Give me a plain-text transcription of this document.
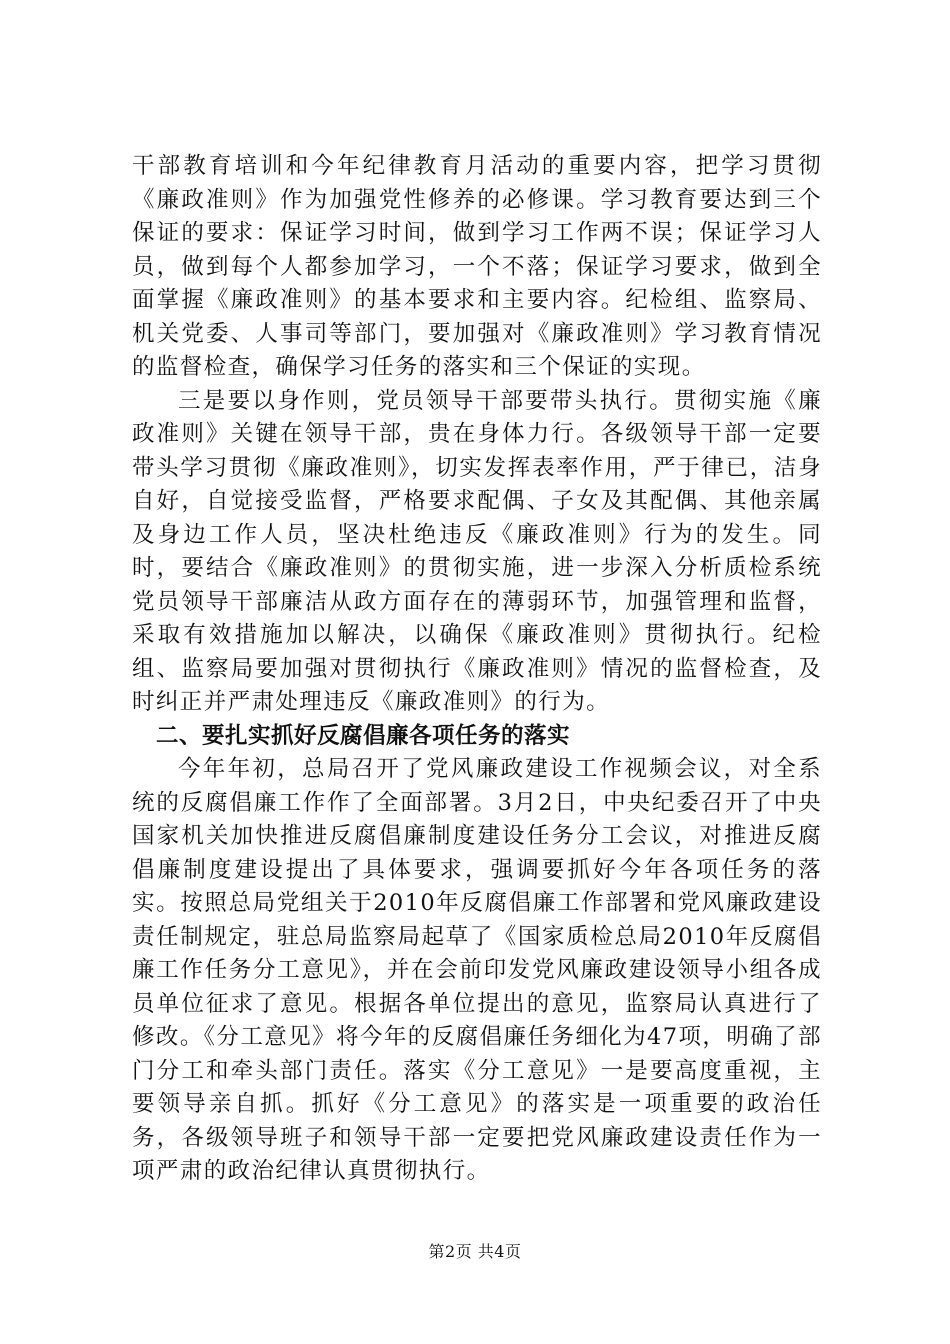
干部教育培训和今年纪律教育月活动的重要内容，把学习贯彻《廉政准则》作为加强党性修养的必修课。学习教育要达到三个保证的要求：保证学习时间，做到学习工作两不误；保证学习人员，做到每个人都参加学习，一个不落；保证学习要求，做到全面掌握《廉政准则》的基本要求和主要内容。纪检组、监察局、机关党委、人事司等部门，要加强对《廉政准则》学习教育情况的监督检查，确保学习任务的落实和三个保证的实现。

三是要以身作则，党员领导干部要带头执行。贯彻实施《廉政准则》关键在领导干部，贵在身体力行。各级领导干部一定要带头学习贯彻《廉政准则》，切实发挥表率作用，严于律已，洁身自好，自觉接受监督，严格要求配偶、子女及其配偶、其他亲属及身边工作人员，坚决杜绝违反《廉政准则》行为的发生。同时，要结合《廉政准则》的贯彻实施，进一步深入分析质检系统党员领导干部廉洁从政方面存在的薄弱环节，加强管理和监督，采取有效措施加以解决，以确保《廉政准则》贯彻执行。纪检组、监察局要加强对贯彻执行《廉政准则》情况的监督检查，及时纠正并严肃处理违反《廉政准则》的行为。

二、要扎实抓好反腐倡廉各项任务的落实

今年年初，总局召开了党风廉政建设工作视频会议，对全系统的反腐倡廉工作作了全面部署。3月2日，中央纪委召开了中央国家机关加快推进反腐倡廉制度建设任务分工会议，对推进反腐倡廉制度建设提出了具体要求，强调要抓好今年各项任务的落实。按照总局党组关于2010年反腐倡廉工作部署和党风廉政建设责任制规定，驻总局监察局起草了《国家质检总局2010年反腐倡廉工作任务分工意见》，并在会前印发党风廉政建设领导小组各成员单位征求了意见。根据各单位提出的意见，监察局认真进行了修改。《分工意见》将今年的反腐倡廉任务细化为47项，明确了部门分工和牵头部门责任。落实《分工意见》一是要高度重视，主要领导亲自抓。抓好《分工意见》的落实是一项重要的政治任务，各级领导班子和领导干部一定要把党风廉政建设责任作为一项严肃的政治纪律认真贯彻执行。

第2页 共4页
